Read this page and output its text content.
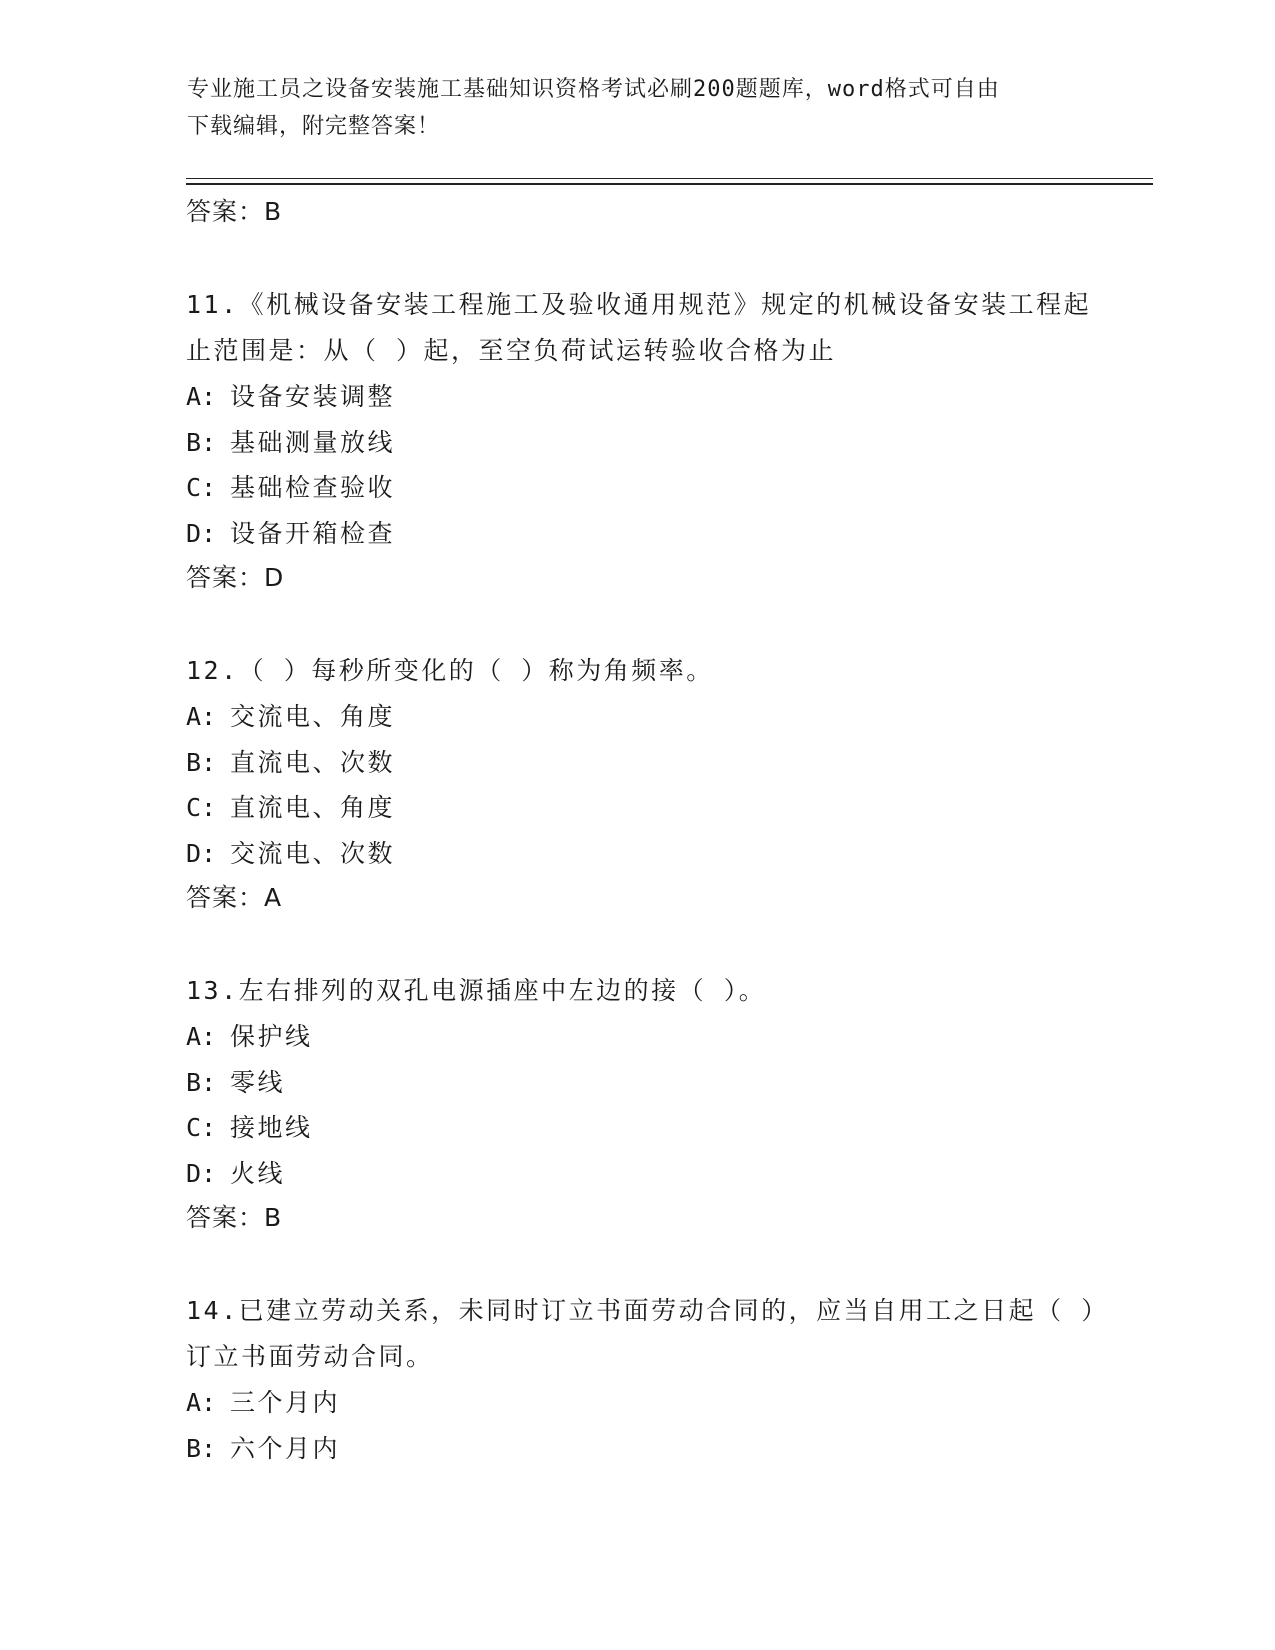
专业施工员之设备安装施工基础知识资格考试必刷200题题库，word格式可自由
下载编辑，附完整答案！
答案：B
11.《机械设备安装工程施工及验收通用规范》规定的机械设备安装工程起止范围是：从（ ）起，至空负荷试运转验收合格为止
A: 设备安装调整
B: 基础测量放线
C: 基础检查验收
D: 设备开箱检查
答案：D
12.（ ）每秒所变化的（ ）称为角频率。
A: 交流电、角度
B: 直流电、次数
C: 直流电、角度
D: 交流电、次数
答案：A
13.左右排列的双孔电源插座中左边的接（ ）。
A: 保护线
B: 零线
C: 接地线
D: 火线
答案：B
14.已建立劳动关系，未同时订立书面劳动合同的，应当自用工之日起（ ）订立书面劳动合同。
A: 三个月内
B: 六个月内
